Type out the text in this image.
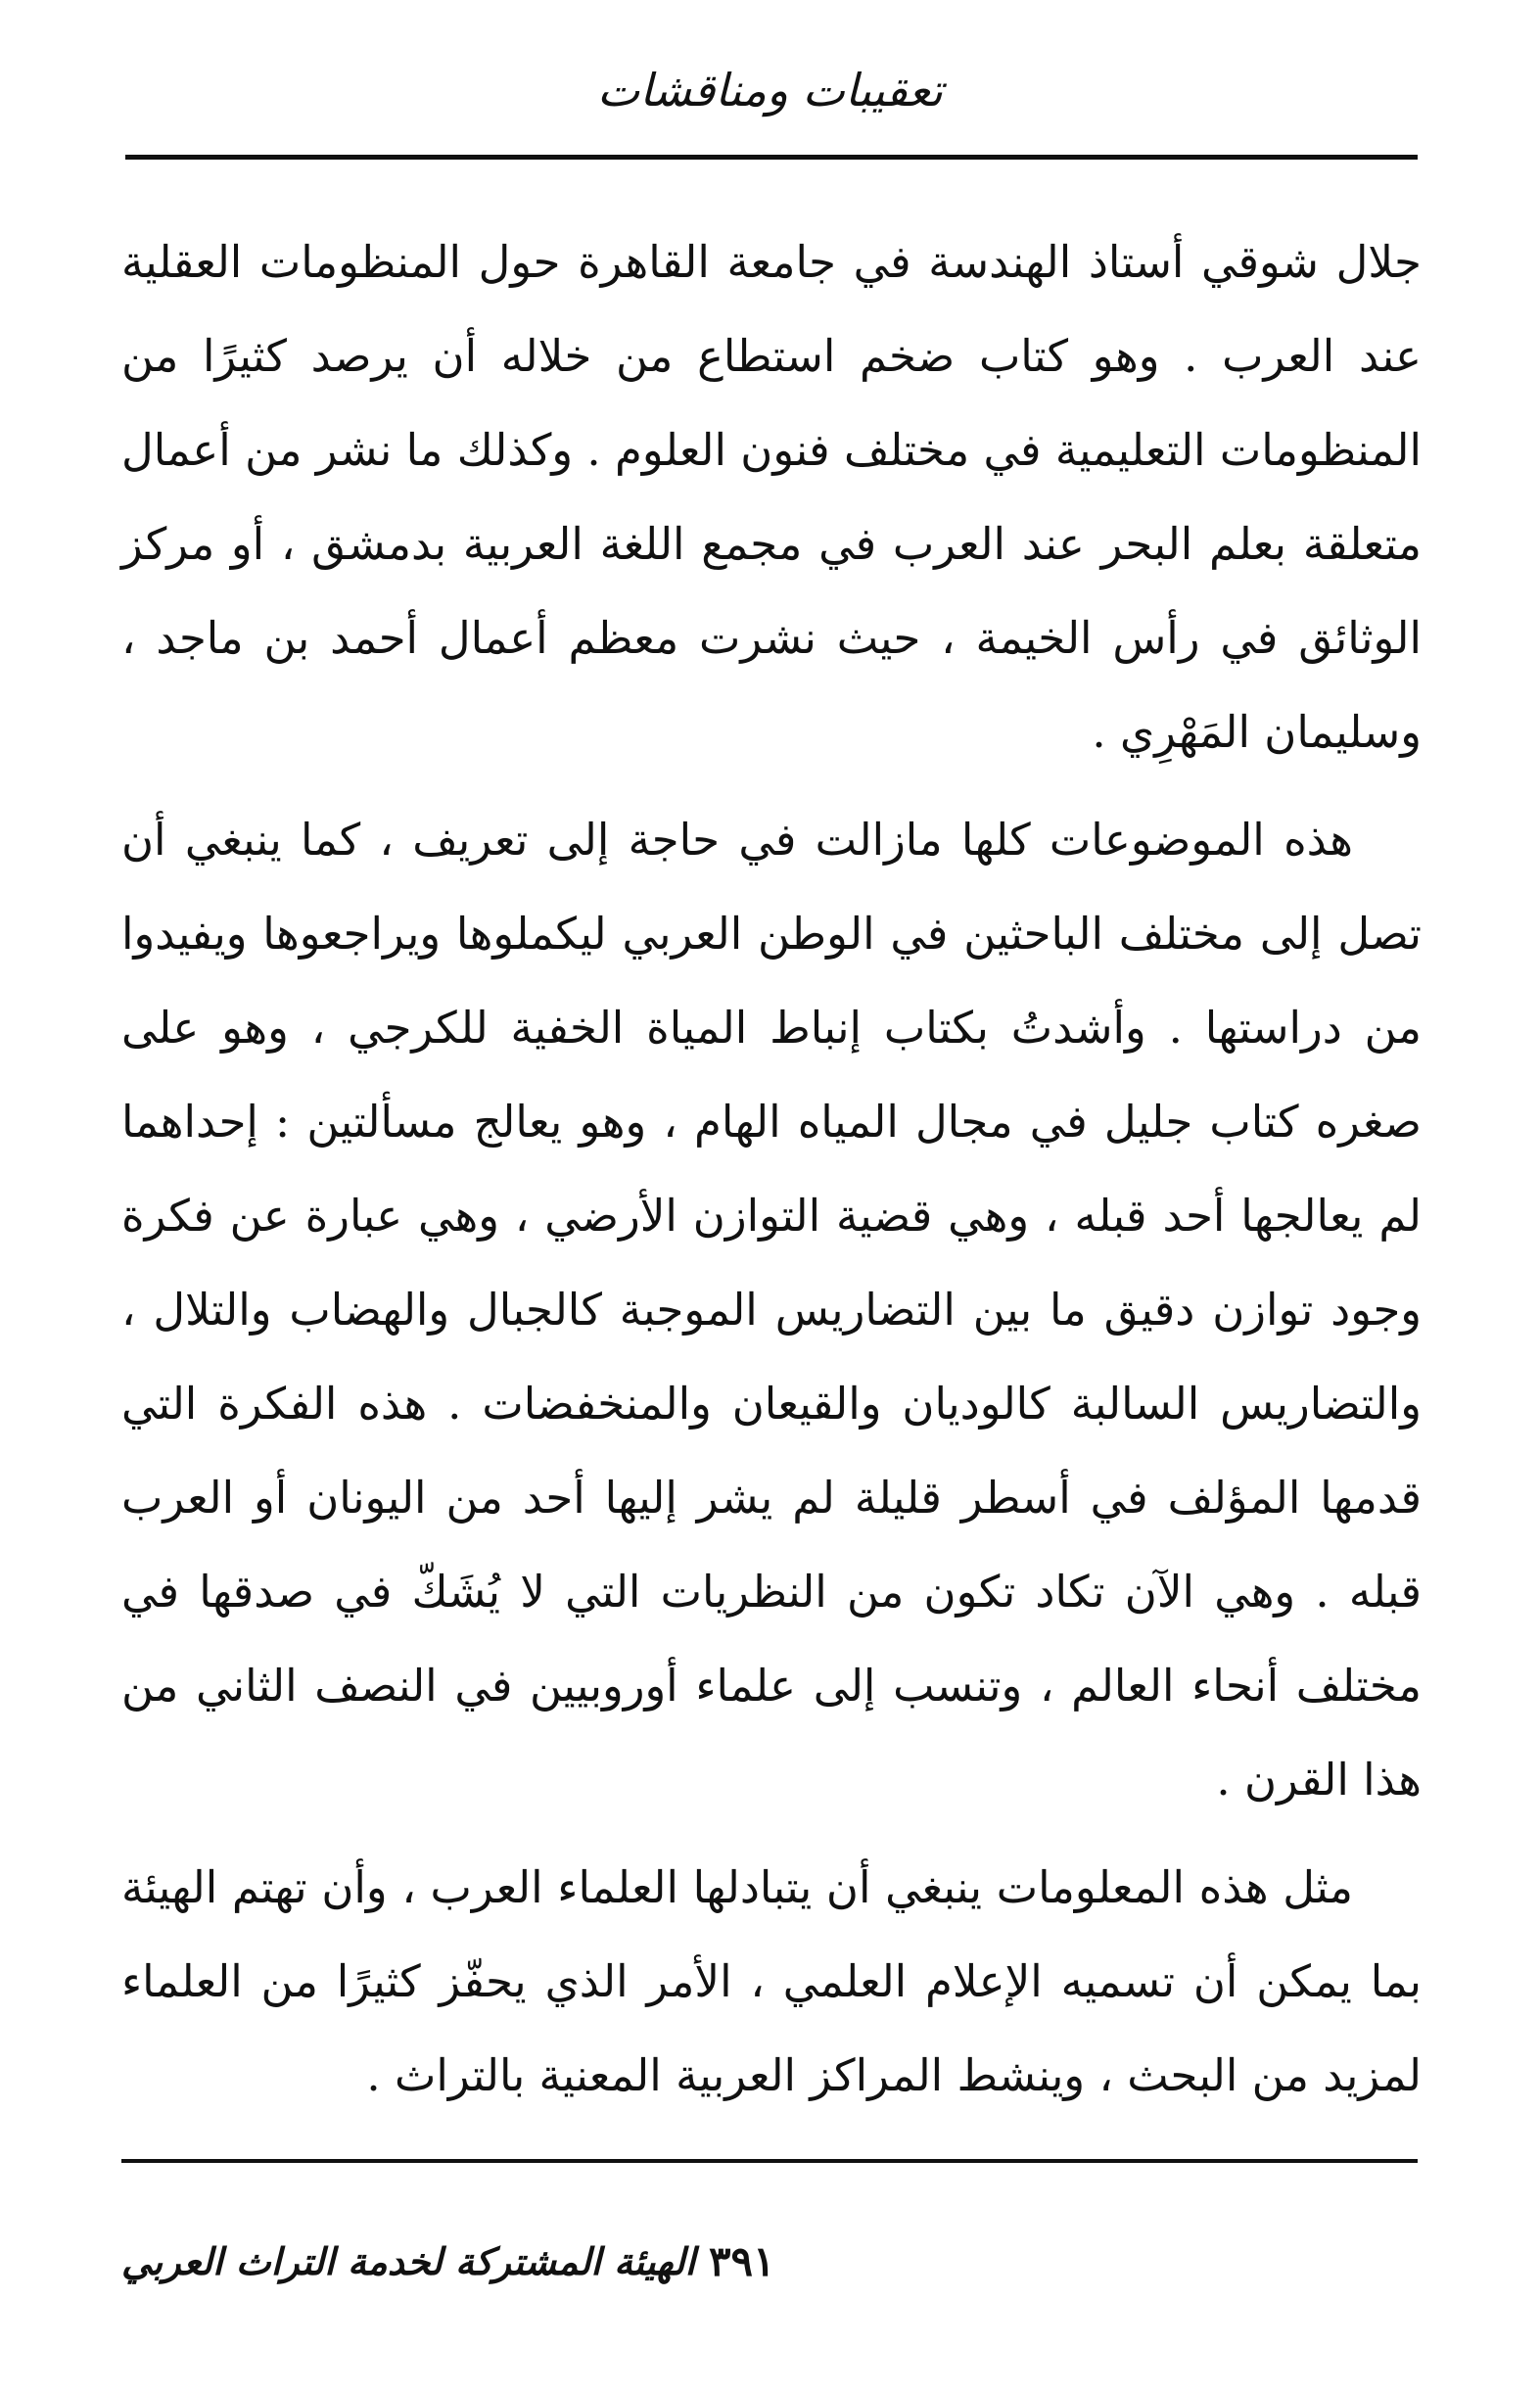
تعقيبات ومناقشات

جلال شوقي أستاذ الهندسة في جامعة القاهرة حول المنظومات العقلية عند العرب . وهو كتاب ضخم استطاع من خلاله أن يرصد كثيرًا من المنظومات التعليمية في مختلف فنون العلوم . وكذلك ما نشر من أعمال متعلقة بعلم البحر عند العرب في مجمع اللغة العربية بدمشق ، أو مركز الوثائق في رأس الخيمة ، حيث نشرت معظم أعمال أحمد بن ماجد ، وسليمان المَهْرِي .

هذه الموضوعات كلها مازالت في حاجة إلى تعريف ، كما ينبغي أن تصل إلى مختلف الباحثين في الوطن العربي ليكملوها ويراجعوها ويفيدوا من دراستها . وأشدتُ بكتاب إنباط المياة الخفية للكرجي ، وهو على صغره كتاب جليل في مجال المياه الهام ، وهو يعالج مسألتين : إحداهما لم يعالجها أحد قبله ، وهي قضية التوازن الأرضي ، وهي عبارة عن فكرة وجود توازن دقيق ما بين التضاريس الموجبة كالجبال والهضاب والتلال ، والتضاريس السالبة كالوديان والقيعان والمنخفضات . هذه الفكرة التي قدمها المؤلف في أسطر قليلة لم يشر إليها أحد من اليونان أو العرب قبله . وهي الآن تكاد تكون من النظريات التي لا يُشَكّ في صدقها في مختلف أنحاء العالم ، وتنسب إلى علماء أوروبيين في النصف الثاني من هذا القرن .

مثل هذه المعلومات ينبغي أن يتبادلها العلماء العرب ، وأن تهتم الهيئة بما يمكن أن تسميه الإعلام العلمي ، الأمر الذي يحفّز كثيرًا من العلماء لمزيد من البحث ، وينشط المراكز العربية المعنية بالتراث .

الهيئة المشتركة لخدمة التراث العربي ٣٩١
